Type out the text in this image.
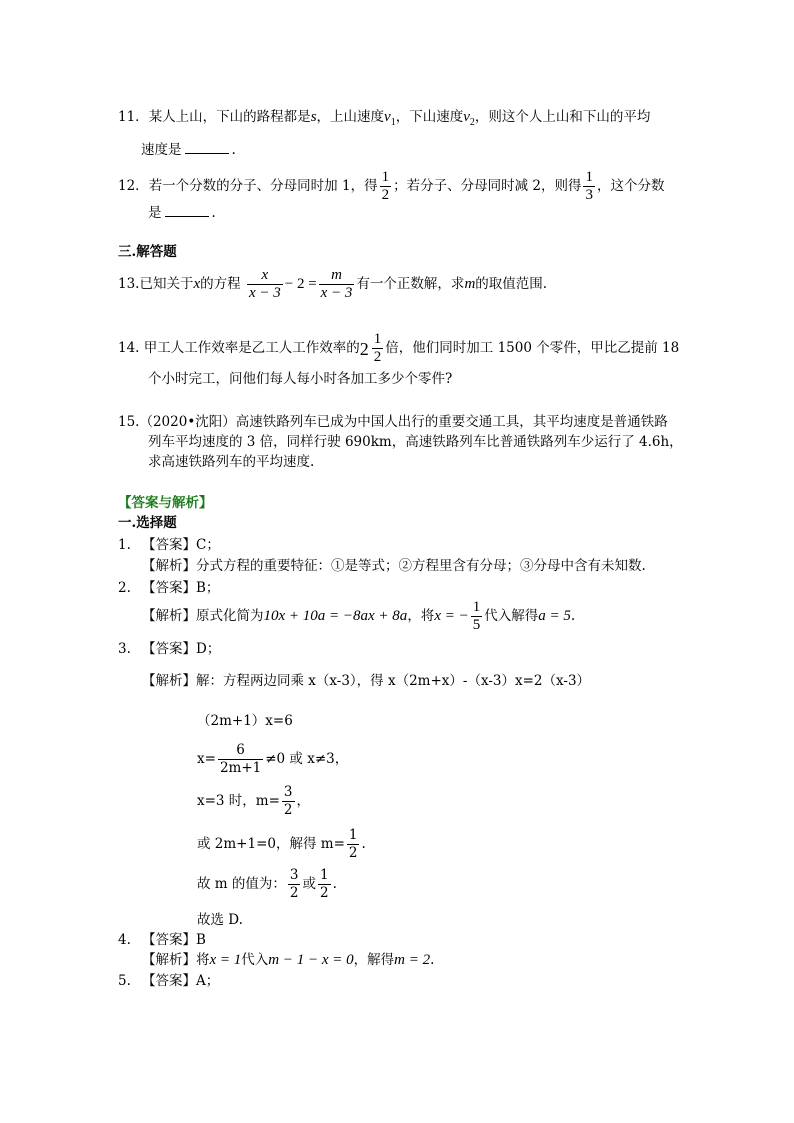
11．某人上山，下山的路程都是s，上山速度$v_1$，下山速度$v_2$，则这个人上山和下山的平均
速度是	.
12．若一个分数的分子、分母同时加 1，得 $\frac{1}{2}$ ；若分子、分母同时减 2，则得 $\frac{1}{3}$ ，这个分数
是	.
三.解答题
13.已知关于x的方程 $\frac{x}{x - 3} - 2 = \frac{m}{x - 3}$ 有一个正数解，求m的取值范围.
14. 甲工人工作效率是乙工人工作效率的 $2 \frac{1}{2}$ 倍，他们同时加工 1500 个零件，甲比乙提前 18
个小时完工，问他们每人每小时各加工多少个零件?
15.（2020•沈阳）高速铁路列车已成为中国人出行的重要交通工具，其平均速度是普通铁路
列车平均速度的 3 倍，同样行驶 690km，高速铁路列车比普通铁路列车少运行了 4.6h，
求高速铁路列车的平均速度.
【答案与解析】
一.选择题
1. 【答案】C；
【解析】分式方程的重要特征：①是等式；②方程里含有分母；③分母中含有未知数.
2. 【答案】B；
【解析】原式化简为10x + 10a = −8ax + 8a，将x = − $\frac{1}{5}$ 代入解得a = 5.
3. 【答案】D；
【解析】解：方程两边同乘 x（x-3），得 x（2m+x）-（x-3）x=2（x-3）
（2m+1）x=6
$x= \frac{6}{2m+1} \ne 0$ 或 x≠3，
x=3 时，$m= \frac{3}{2}$ ，
或 2m+1=0，解得 $m= \frac{1}{2}$ .
故 m 的值为： $\frac{3}{2}$ 或 $\frac{1}{2}$ .
故选 D.
4. 【答案】B
【解析】将x = 1代入m − 1 − x = 0，解得m = 2.
5. 【答案】A；
